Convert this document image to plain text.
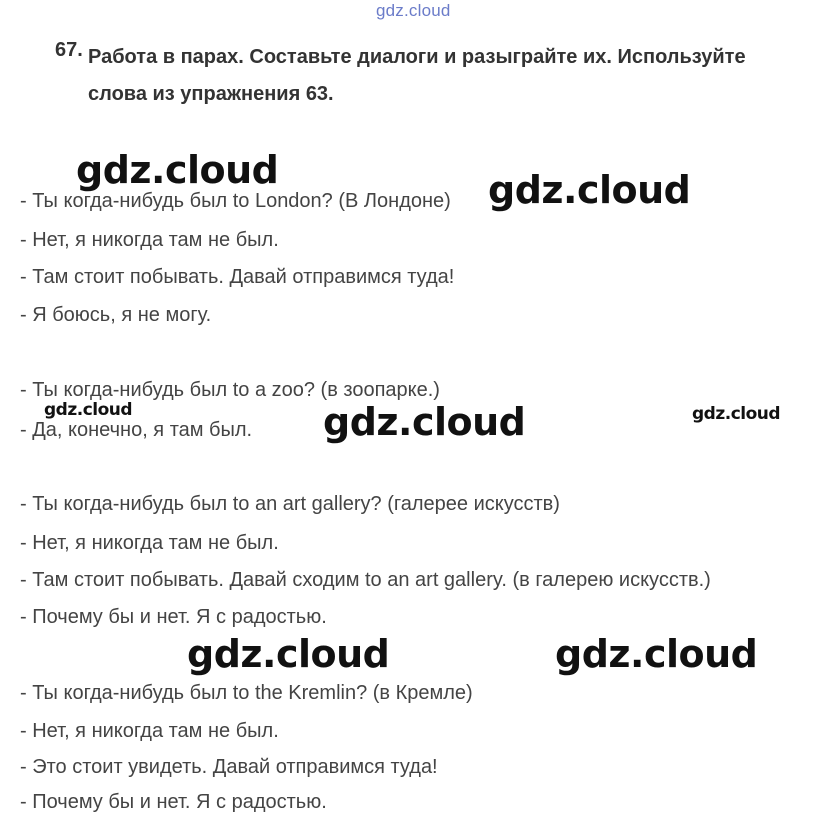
gdz.cloud
67. Работа в парах. Составьте диалоги и разыграйте их. Используйте
слова из упражнения 63.
- Ты когда-нибудь был to London? (В Лондоне)
- Нет, я никогда там не был.
- Там стоит побывать. Давай отправимся туда!
- Я боюсь, я не могу.
- Ты когда-нибудь был to a zoo? (в зоопарке.)
- Да, конечно, я там был.
- Ты когда-нибудь был to an art gallery? (галерее искусств)
- Нет, я никогда там не был.
- Там стоит побывать. Давай сходим to an art gallery. (в галерею искусств.)
- Почему бы и нет. Я с радостью.
- Ты когда-нибудь был to the Kremlin? (в Кремле)
- Нет, я никогда там не был.
- Это стоит увидеть. Давай отправимся туда!
- Почему бы и нет. Я с радостью.
gdz.cloud	gdz.cloud
gdz.cloud	gdz.cloud	gdz.cloud
gdz.cloud	gdz.cloud
